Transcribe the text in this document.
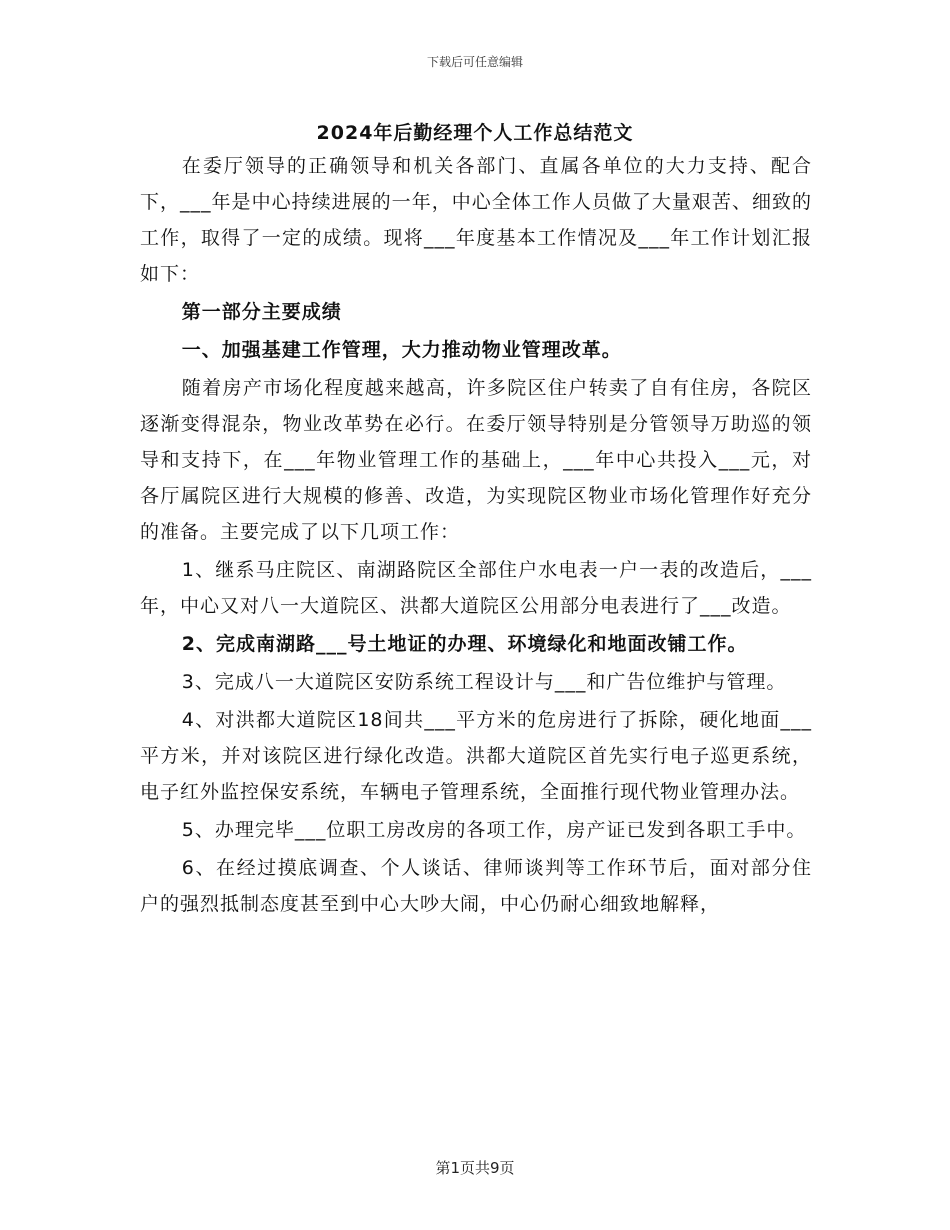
下载后可任意编辑
2024年后勤经理个人工作总结范文

在委厅领导的正确领导和机关各部门、直属各单位的大力支持、配合下，___年是中心持续进展的一年，中心全体工作人员做了大量艰苦、细致的工作，取得了一定的成绩。现将___年度基本工作情况及___年工作计划汇报如下：

第一部分主要成绩

一、加强基建工作管理，大力推动物业管理改革。

随着房产市场化程度越来越高，许多院区住户转卖了自有住房，各院区逐渐变得混杂，物业改革势在必行。在委厅领导特别是分管领导万助巡的领导和支持下，在___年物业管理工作的基础上，___年中心共投入___元，对各厅属院区进行大规模的修善、改造，为实现院区物业市场化管理作好充分的准备。主要完成了以下几项工作：

1、继系马庄院区、南湖路院区全部住户水电表一户一表的改造后，___年，中心又对八一大道院区、洪都大道院区公用部分电表进行了___改造。

2、完成南湖路___号土地证的办理、环境绿化和地面改铺工作。

3、完成八一大道院区安防系统工程设计与___和广告位维护与管理。

4、对洪都大道院区18间共___平方米的危房进行了拆除，硬化地面___平方米，并对该院区进行绿化改造。洪都大道院区首先实行电子巡更系统，电子红外监控保安系统，车辆电子管理系统，全面推行现代物业管理办法。

5、办理完毕___位职工房改房的各项工作，房产证已发到各职工手中。

6、在经过摸底调查、个人谈话、律师谈判等工作环节后，面对部分住户的强烈抵制态度甚至到中心大吵大闹，中心仍耐心细致地解释，

第1页共9页
